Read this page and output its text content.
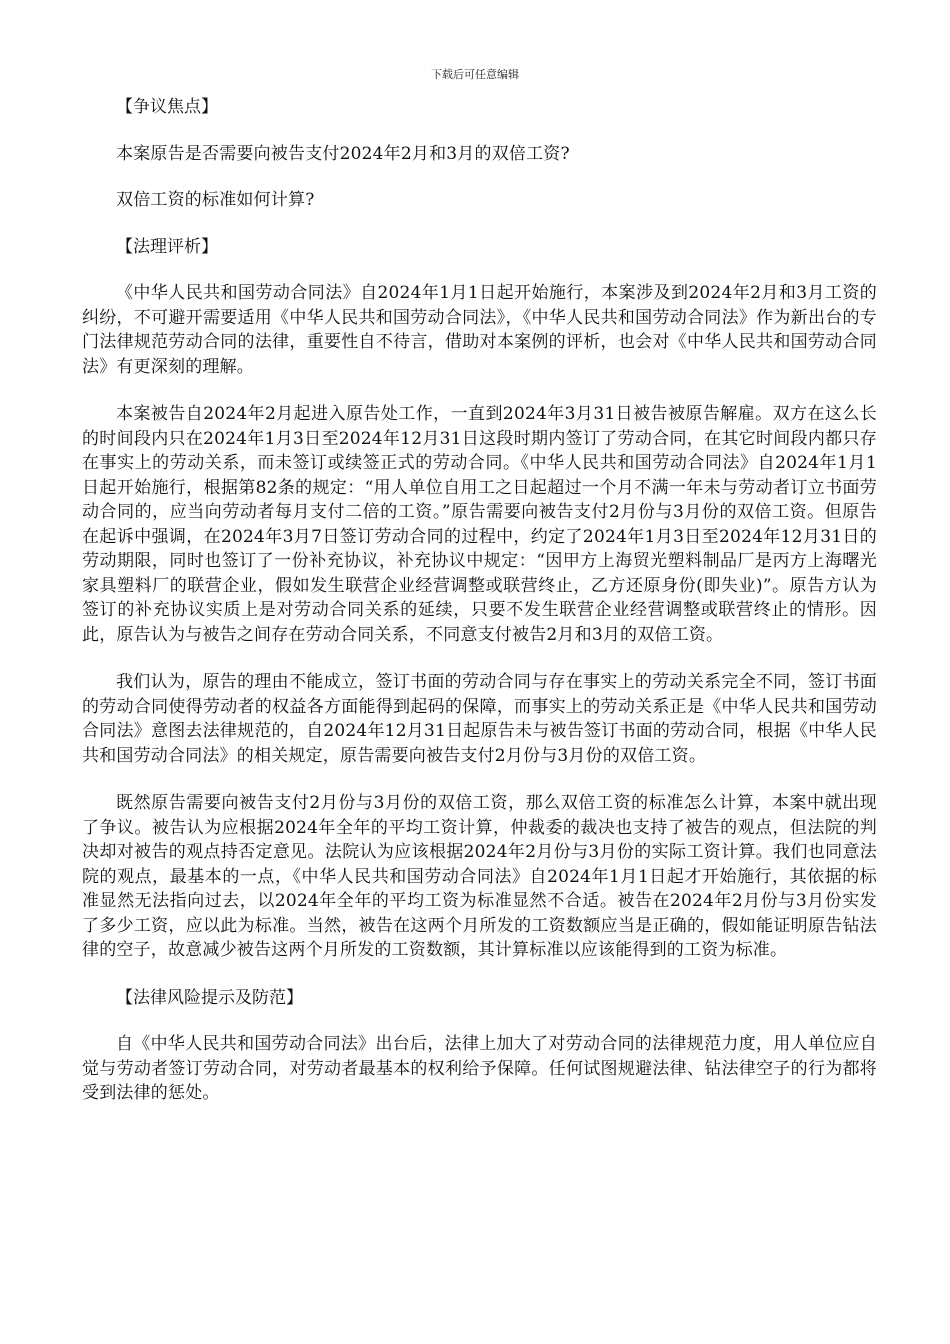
下载后可任意编辑

【争议焦点】

本案原告是否需要向被告支付2024年2月和3月的双倍工资?

双倍工资的标准如何计算?

【法理评析】

《中华人民共和国劳动合同法》自2024年1月1日起开始施行，本案涉及到2024年2月和3月工资的纠纷，不可避开需要适用《中华人民共和国劳动合同法》，《中华人民共和国劳动合同法》作为新出台的专门法律规范劳动合同的法律，重要性自不待言，借助对本案例的评析，也会对《中华人民共和国劳动合同法》有更深刻的理解。

本案被告自2024年2月起进入原告处工作，一直到2024年3月31日被告被原告解雇。双方在这么长的时间段内只在2024年1月3日至2024年12月31日这段时期内签订了劳动合同，在其它时间段内都只存在事实上的劳动关系，而未签订或续签正式的劳动合同。《中华人民共和国劳动合同法》自2024年1月1日起开始施行，根据第82条的规定：“用人单位自用工之日起超过一个月不满一年未与劳动者订立书面劳动合同的，应当向劳动者每月支付二倍的工资。”原告需要向被告支付2月份与3月份的双倍工资。但原告在起诉中强调，在2024年3月7日签订劳动合同的过程中，约定了2024年1月3日至2024年12月31日的劳动期限，同时也签订了一份补充协议，补充协议中规定：“因甲方上海贸光塑料制品厂是丙方上海曙光家具塑料厂的联营企业，假如发生联营企业经营调整或联营终止，乙方还原身份(即失业)”。原告方认为签订的补充协议实质上是对劳动合同关系的延续，只要不发生联营企业经营调整或联营终止的情形。因此，原告认为与被告之间存在劳动合同关系，不同意支付被告2月和3月的双倍工资。

我们认为，原告的理由不能成立，签订书面的劳动合同与存在事实上的劳动关系完全不同，签订书面的劳动合同使得劳动者的权益各方面能得到起码的保障，而事实上的劳动关系正是《中华人民共和国劳动合同法》意图去法律规范的，自2024年12月31日起原告未与被告签订书面的劳动合同，根据《中华人民共和国劳动合同法》的相关规定，原告需要向被告支付2月份与3月份的双倍工资。

既然原告需要向被告支付2月份与3月份的双倍工资，那么双倍工资的标准怎么计算，本案中就出现了争议。被告认为应根据2024年全年的平均工资计算，仲裁委的裁决也支持了被告的观点，但法院的判决却对被告的观点持否定意见。法院认为应该根据2024年2月份与3月份的实际工资计算。我们也同意法院的观点，最基本的一点，《中华人民共和国劳动合同法》自2024年1月1日起才开始施行，其依据的标准显然无法指向过去，以2024年全年的平均工资为标准显然不合适。被告在2024年2月份与3月份实发了多少工资，应以此为标准。当然，被告在这两个月所发的工资数额应当是正确的，假如能证明原告钻法律的空子，故意减少被告这两个月所发的工资数额，其计算标准以应该能得到的工资为标准。

【法律风险提示及防范】

自《中华人民共和国劳动合同法》出台后，法律上加大了对劳动合同的法律规范力度，用人单位应自觉与劳动者签订劳动合同，对劳动者最基本的权利给予保障。任何试图规避法律、钻法律空子的行为都将受到法律的惩处。
